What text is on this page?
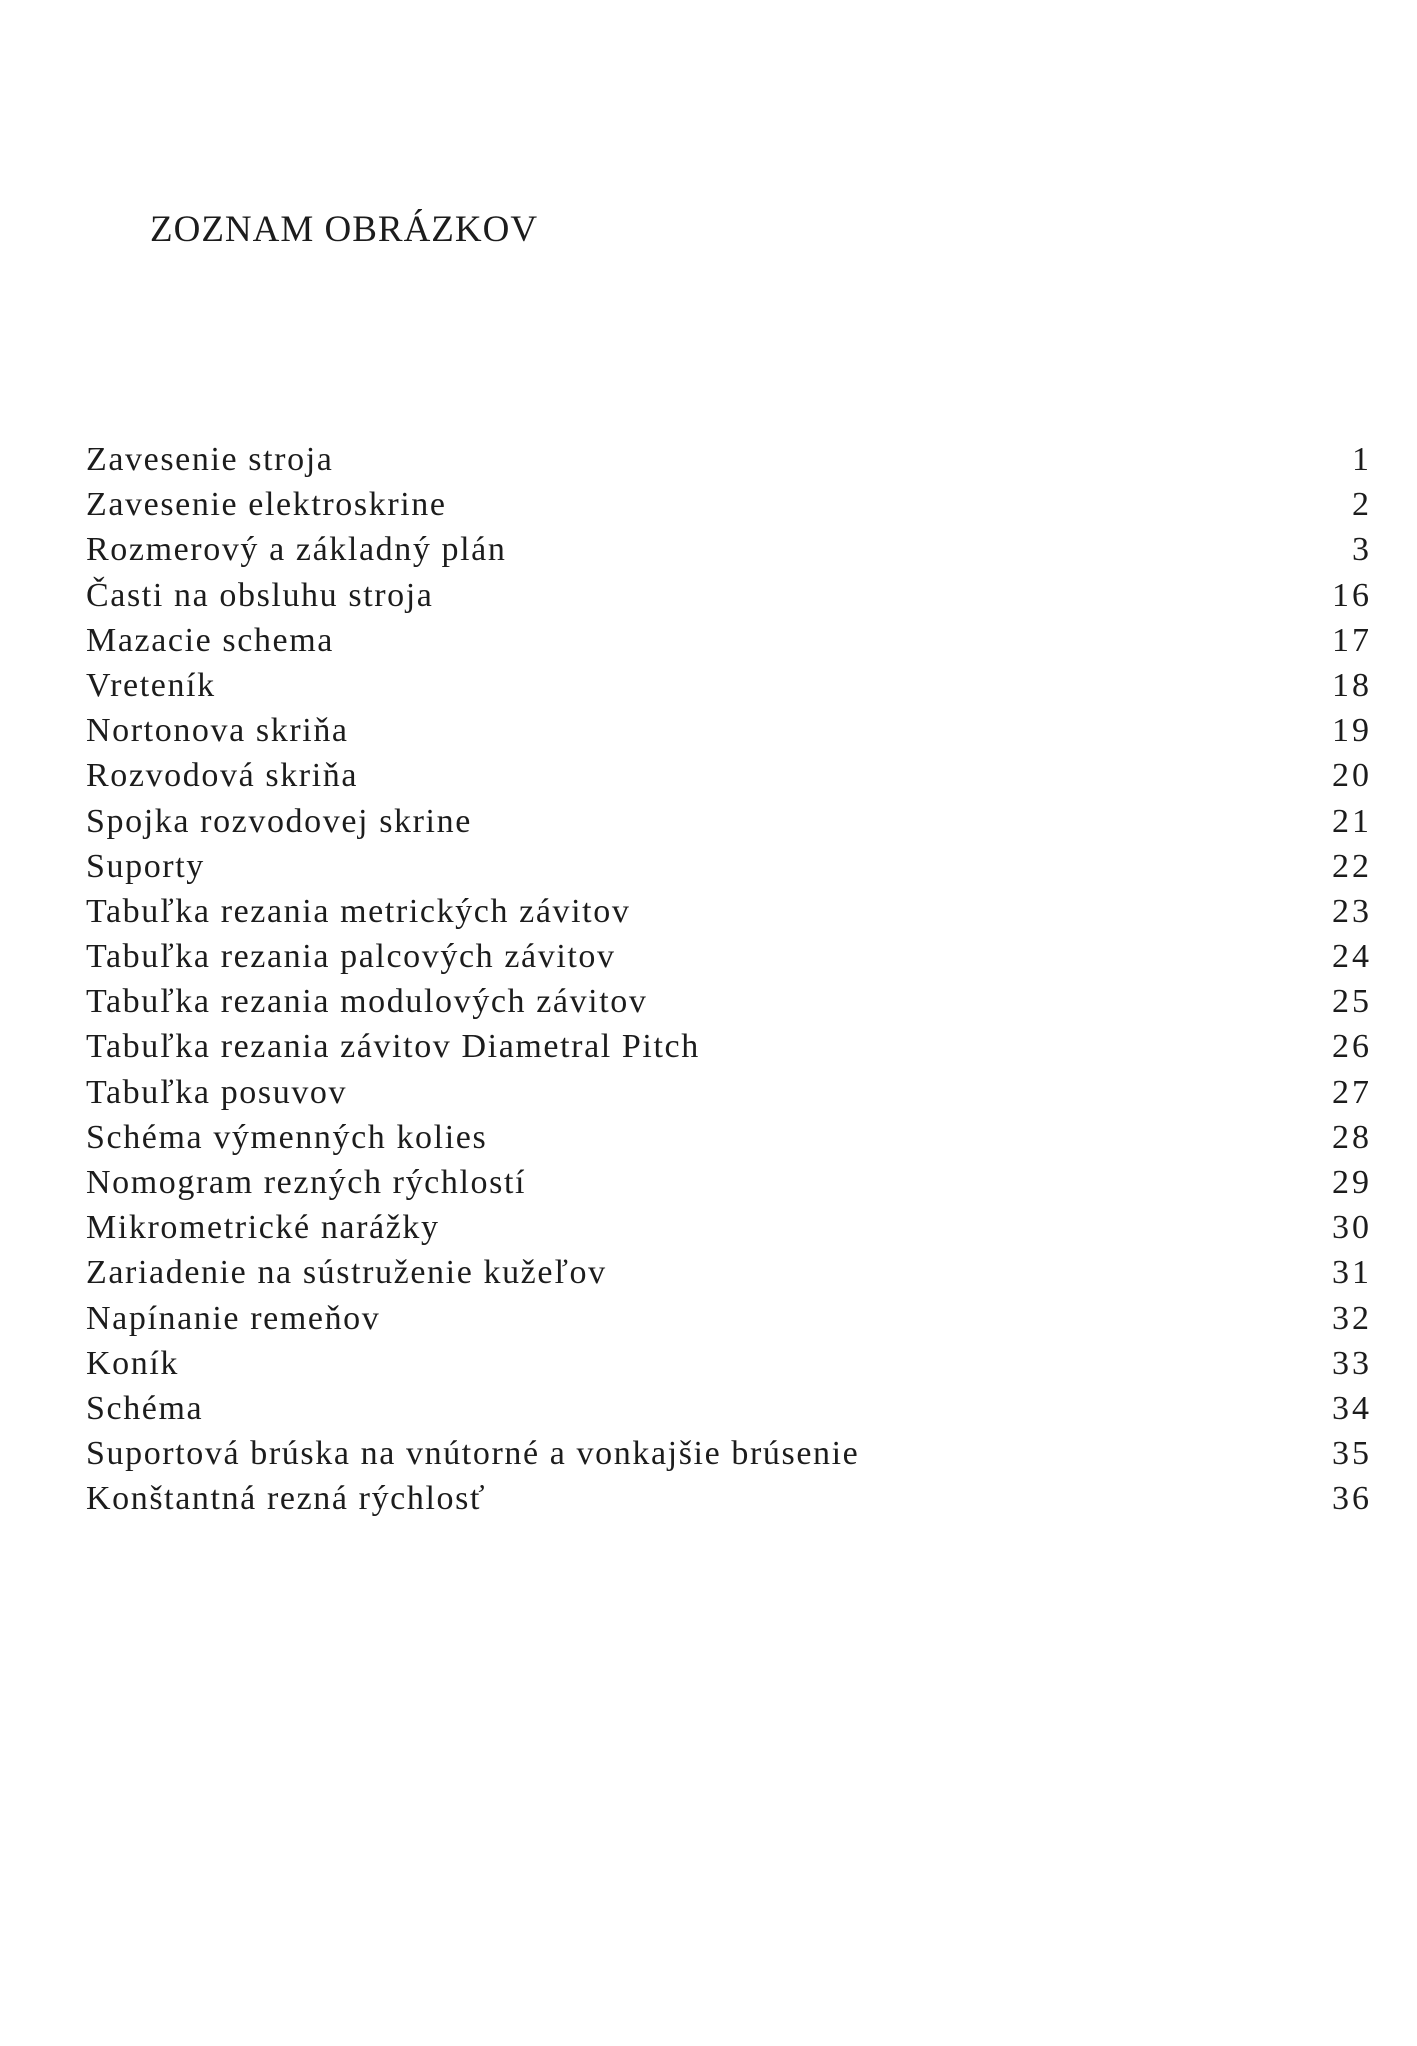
ZOZNAM OBRÁZKOV
Zavesenie stroja	1
Zavesenie elektroskrine	2
Rozmerový a základný plán	3
Časti na obsluhu stroja	16
Mazacie schema	17
Vreteník	18
Nortonova skriňa	19
Rozvodová skriňa	20
Spojka rozvodovej skrine	21
Suporty	22
Tabuľka rezania metrických závitov	23
Tabuľka rezania palcových závitov	24
Tabuľka rezania modulových závitov	25
Tabuľka rezania závitov Diametral Pitch	26
Tabuľka posuvov	27
Schéma výmenných kolies	28
Nomogram rezných rýchlostí	29
Mikrometrické narážky	30
Zariadenie na sústruženie kužeľov	31
Napínanie remeňov	32
Koník	33
Schéma	34
Suportová brúska na vnútorné a vonkajšie brúsenie	35
Konštantná rezná rýchlosť	36
